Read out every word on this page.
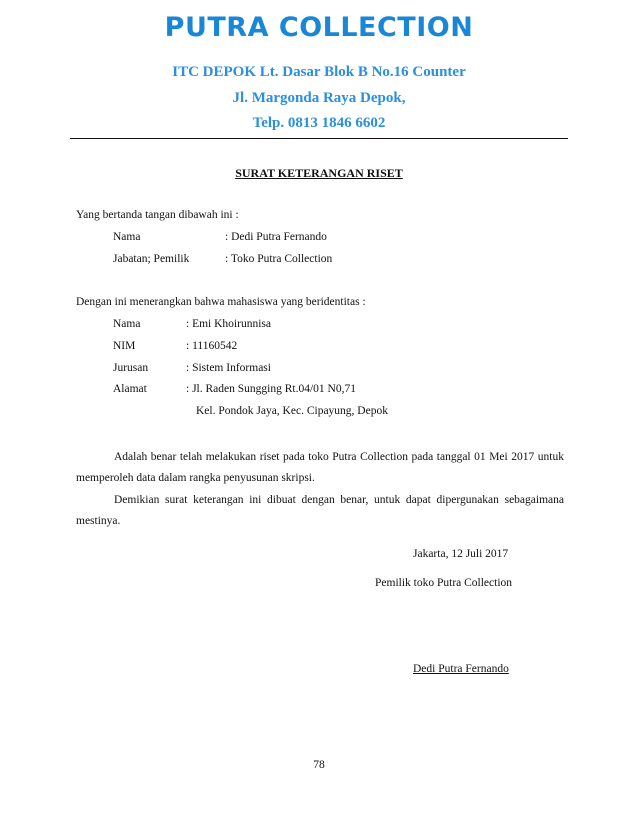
PUTRA COLLECTION
ITC DEPOK Lt. Dasar Blok B No.16 Counter
Jl. Margonda Raya Depok,
Telp. 0813 1846 6602
SURAT KETERANGAN RISET
Yang bertanda tangan dibawah ini :
Nama	: Dedi Putra Fernando
Jabatan; Pemilik	: Toko Putra Collection
Dengan ini menerangkan bahwa mahasiswa yang beridentitas :
Nama	: Emi Khoirunnisa
NIM	: 11160542
Jurusan	: Sistem Informasi
Alamat	: Jl. Raden Sungging Rt.04/01 N0,71
Kel. Pondok Jaya, Kec. Cipayung, Depok
Adalah benar telah melakukan riset pada toko Putra Collection pada tanggal 01 Mei 2017 untuk memperoleh data dalam rangka penyusunan skripsi.
Demikian surat keterangan ini dibuat dengan benar, untuk dapat dipergunakan sebagaimana mestinya.
Jakarta, 12 Juli 2017
Pemilik toko Putra Collection
Dedi Putra Fernando
78
